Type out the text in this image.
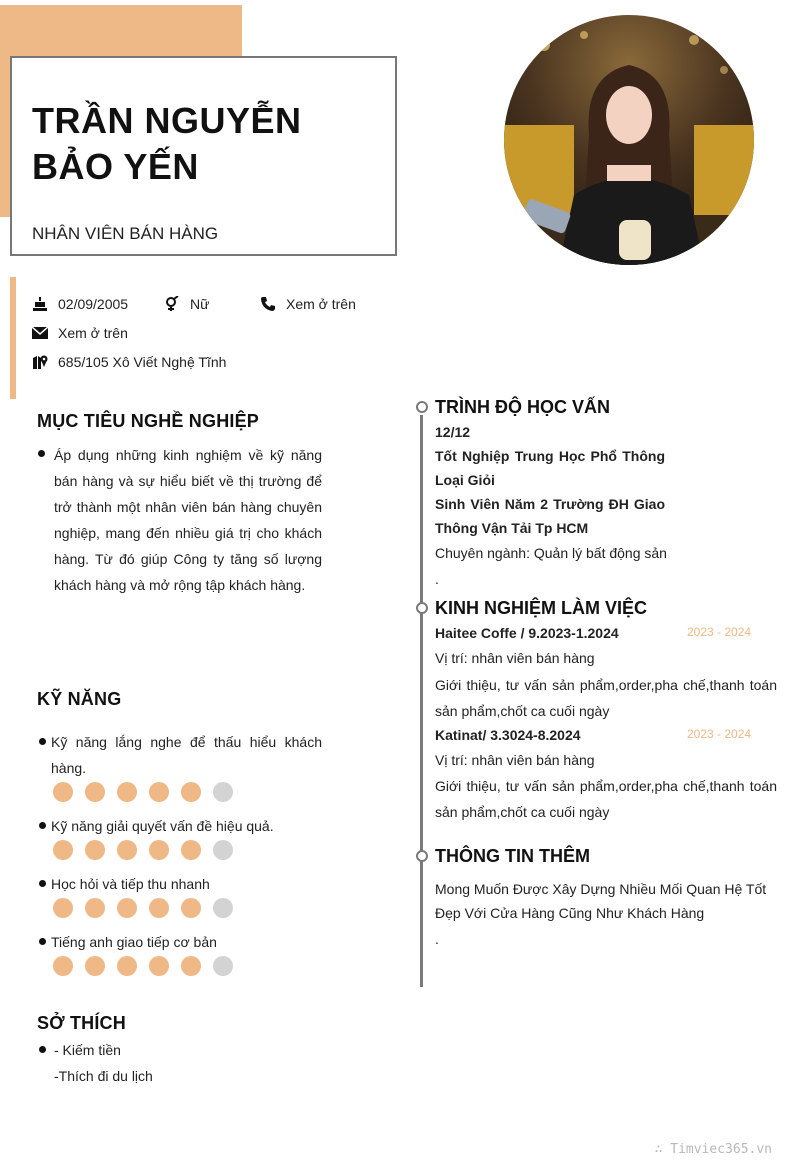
TRẦN NGUYỄN BẢO YẾN
NHÂN VIÊN BÁN HÀNG
02/09/2005	Nữ	Xem ở trên
Xem ở trên
685/105 Xô Viết Nghệ Tĩnh
MỤC TIÊU NGHỀ NGHIỆP
Áp dụng những kinh nghiệm về kỹ năng bán hàng và sự hiểu biết về thị trường để trở thành một nhân viên bán hàng chuyên nghiệp, mang đến nhiều giá trị cho khách hàng. Từ đó giúp Công ty tăng số lượng khách hàng và mở rộng tập khách hàng.
KỸ NĂNG
Kỹ năng lắng nghe để thấu hiểu khách hàng.
Kỹ năng giải quyết vấn đề hiệu quả.
Học hỏi và tiếp thu nhanh
Tiếng anh giao tiếp cơ bản
SỞ THÍCH
- Kiếm tiền
-Thích đi du lịch
TRÌNH ĐỘ HỌC VẤN
12/12
Tốt Nghiệp Trung Học Phổ Thông Loại Giỏi
Sinh Viên Năm 2 Trường ĐH Giao Thông Vận Tải Tp HCM
Chuyên ngành: Quản lý bất động sản
.
KINH NGHIỆM LÀM VIỆC
Haitee Coffe / 9.2023-1.2024	2023 - 2024
Vị trí: nhân viên bán hàng
Giới thiệu, tư vấn sản phẩm,order,pha chế,thanh toán sản phẩm,chốt ca cuối ngày
Katinat/ 3.3024-8.2024	2023 - 2024
Vị trí: nhân viên bán hàng
Giới thiệu, tư vấn sản phẩm,order,pha chế,thanh toán sản phẩm,chốt ca cuối ngày
THÔNG TIN THÊM
Mong Muốn Được Xây Dựng Nhiều Mối Quan Hệ Tốt Đẹp Với Cửa Hàng Cũng Như Khách Hàng
.
∴ Timviec365.vn
